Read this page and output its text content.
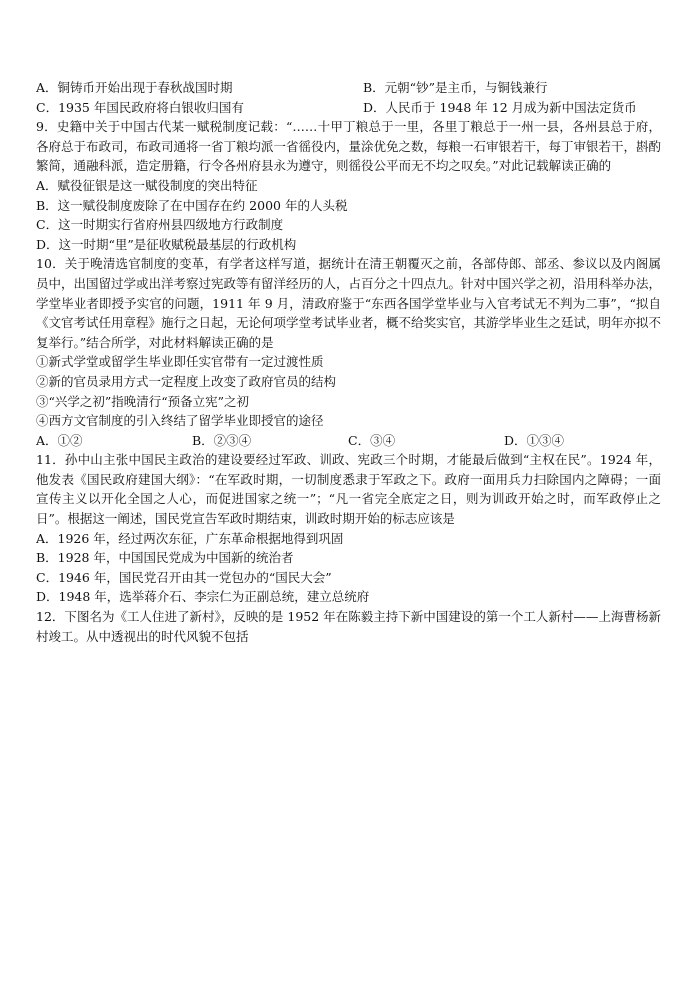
A．铜铸币开始出现于春秋战国时期	B．元朝“钞”是主币，与铜钱兼行
C．1935 年国民政府将白银收归国有	D．人民币于 1948 年 12 月成为新中国法定货币
9．史籍中关于中国古代某一赋税制度记载：“……十甲丁粮总于一里，各里丁粮总于一州一县，各州县总于府，各府总于布政司，布政司通将一省丁粮均派一省徭役内，量涂优免之数，每粮一石审银若干，每丁审银若干，斟酌繁简，通融科派，造定册籍，行令各州府县永为遵守，则徭役公平而无不均之叹矣。”对此记载解读正确的
A．赋役征银是这一赋役制度的突出特征
B．这一赋役制度废除了在中国存在约 2000 年的人头税
C．这一时期实行省府州县四级地方行政制度
D．这一时期“里”是征收赋税最基层的行政机构
10．关于晚清选官制度的变革，有学者这样写道，据统计在清王朝覆灭之前，各部侍郎、部丞、参议以及内阁属员中，出国留过学或出洋考察过宪政等有留洋经历的人，占百分之十四点九。针对中国兴学之初，沿用科举办法，学堂毕业者即授予实官的问题，1911 年 9 月，清政府鉴于“东西各国学堂毕业与入官考试无不判为二事”，“拟自《文官考试任用章程》施行之日起，无论何项学堂考试毕业者，概不给奖实官，其游学毕业生之廷试，明年亦拟不复举行。”结合所学，对此材料解读正确的是
①新式学堂或留学生毕业即任实官带有一定过渡性质
②新的官员录用方式一定程度上改变了政府官员的结构
③“兴学之初”指晚清行“预备立宪”之初
④西方文官制度的引入终结了留学毕业即授官的途径
A．①②	B．②③④	C．③④	D．①③④
11．孙中山主张中国民主政治的建设要经过军政、训政、宪政三个时期，才能最后做到“主权在民”。1924 年，他发表《国民政府建国大纲》：“在军政时期，一切制度悉隶于军政之下。政府一面用兵力扫除国内之障碍；一面宣传主义以开化全国之人心，而促进国家之统一”；“凡一省完全底定之日，则为训政开始之时，而军政停止之日”。根据这一阐述，国民党宣告军政时期结束，训政时期开始的标志应该是
A．1926 年，经过两次东征，广东革命根据地得到巩固
B．1928 年，中国国民党成为中国新的统治者
C．1946 年，国民党召开由其一党包办的“国民大会”
D．1948 年，选举蒋介石、李宗仁为正副总统，建立总统府
12．下图名为《工人住进了新村》，反映的是 1952 年在陈毅主持下新中国建设的第一个工人新村——上海曹杨新村竣工。从中透视出的时代风貌不包括
